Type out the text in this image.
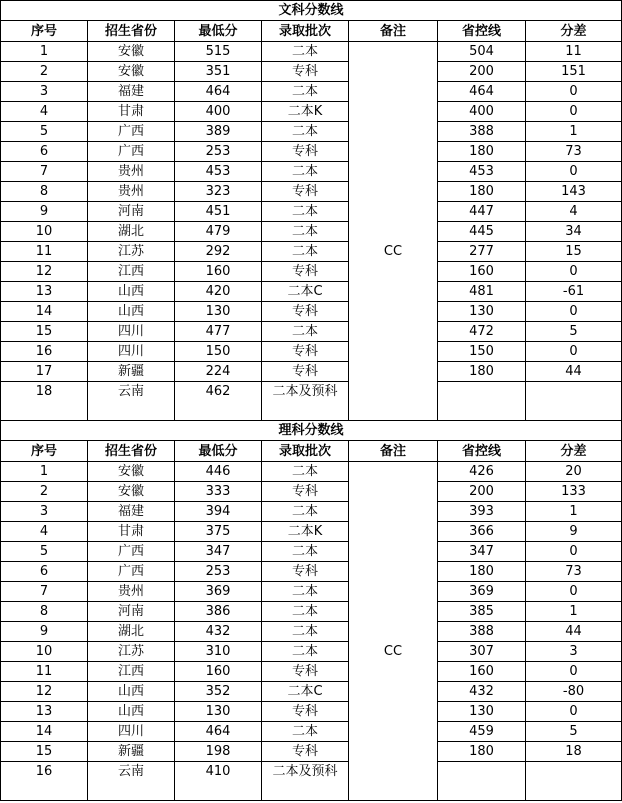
文科分数线						
序号	招生省份	最低分	录取批次	备注	省控线	分差
1	安徽	515	二本		504	11
2	安徽	351	专科		200	151
3	福建	464	二本		464	0
4	甘肃	400	二本K		400	0
5	广西	389	二本		388	1
6	广西	253	专科		180	73
7	贵州	453	二本		453	0
8	贵州	323	专科		180	143
9	河南	451	二本		447	4
10	湖北	479	二本		445	34
11	江苏	292	二本	CC	277	15
12	江西	160	专科		160	0
13	山西	420	二本C		481	-61
14	山西	130	专科		130	0
15	四川	477	二本		472	5
16	四川	150	专科		150	0
17	新疆	224	专科		180	44
18	云南	462	二本及预科			
理科分数线						
序号	招生省份	最低分	录取批次	备注	省控线	分差
1	安徽	446	二本		426	20
2	安徽	333	专科		200	133
3	福建	394	二本		393	1
4	甘肃	375	二本K		366	9
5	广西	347	二本		347	0
6	广西	253	专科		180	73
7	贵州	369	二本		369	0
8	河南	386	二本		385	1
9	湖北	432	二本		388	44
10	江苏	310	二本	CC	307	3
11	江西	160	专科		160	0
12	山西	352	二本C		432	-80
13	山西	130	专科		130	0
14	四川	464	二本		459	5
15	新疆	198	专科		180	18
16	云南	410	二本及预科			
